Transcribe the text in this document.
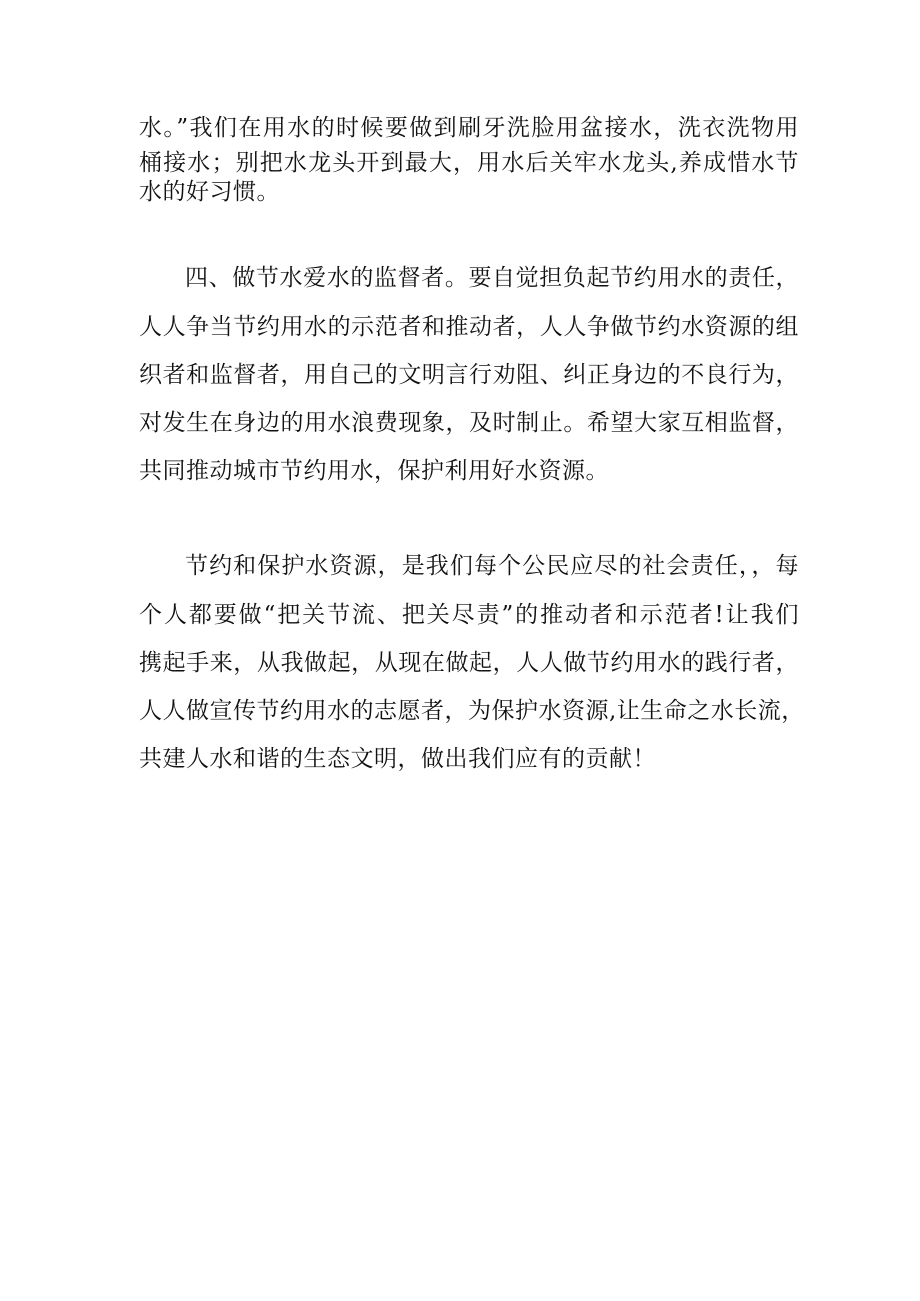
水。”我们在用水的时候要做到刷牙洗脸用盆接水，洗衣洗物用
桶接水；别把水龙头开到最大，用水后关牢水龙头,养成惜水节
水的好习惯。
四、做节水爱水的监督者。要自觉担负起节约用水的责任，
人人争当节约用水的示范者和推动者，人人争做节约水资源的组
织者和监督者，用自己的文明言行劝阻、纠正身边的不良行为，
对发生在身边的用水浪费现象，及时制止。希望大家互相监督，
共同推动城市节约用水，保护利用好水资源。
节约和保护水资源，是我们每个公民应尽的社会责任，，每
个人都要做“把关节流、把关尽责”的推动者和示范者!让我们
携起手来，从我做起，从现在做起，人人做节约用水的践行者，
人人做宣传节约用水的志愿者，为保护水资源,让生命之水长流，
共建人水和谐的生态文明，做出我们应有的贡献！
